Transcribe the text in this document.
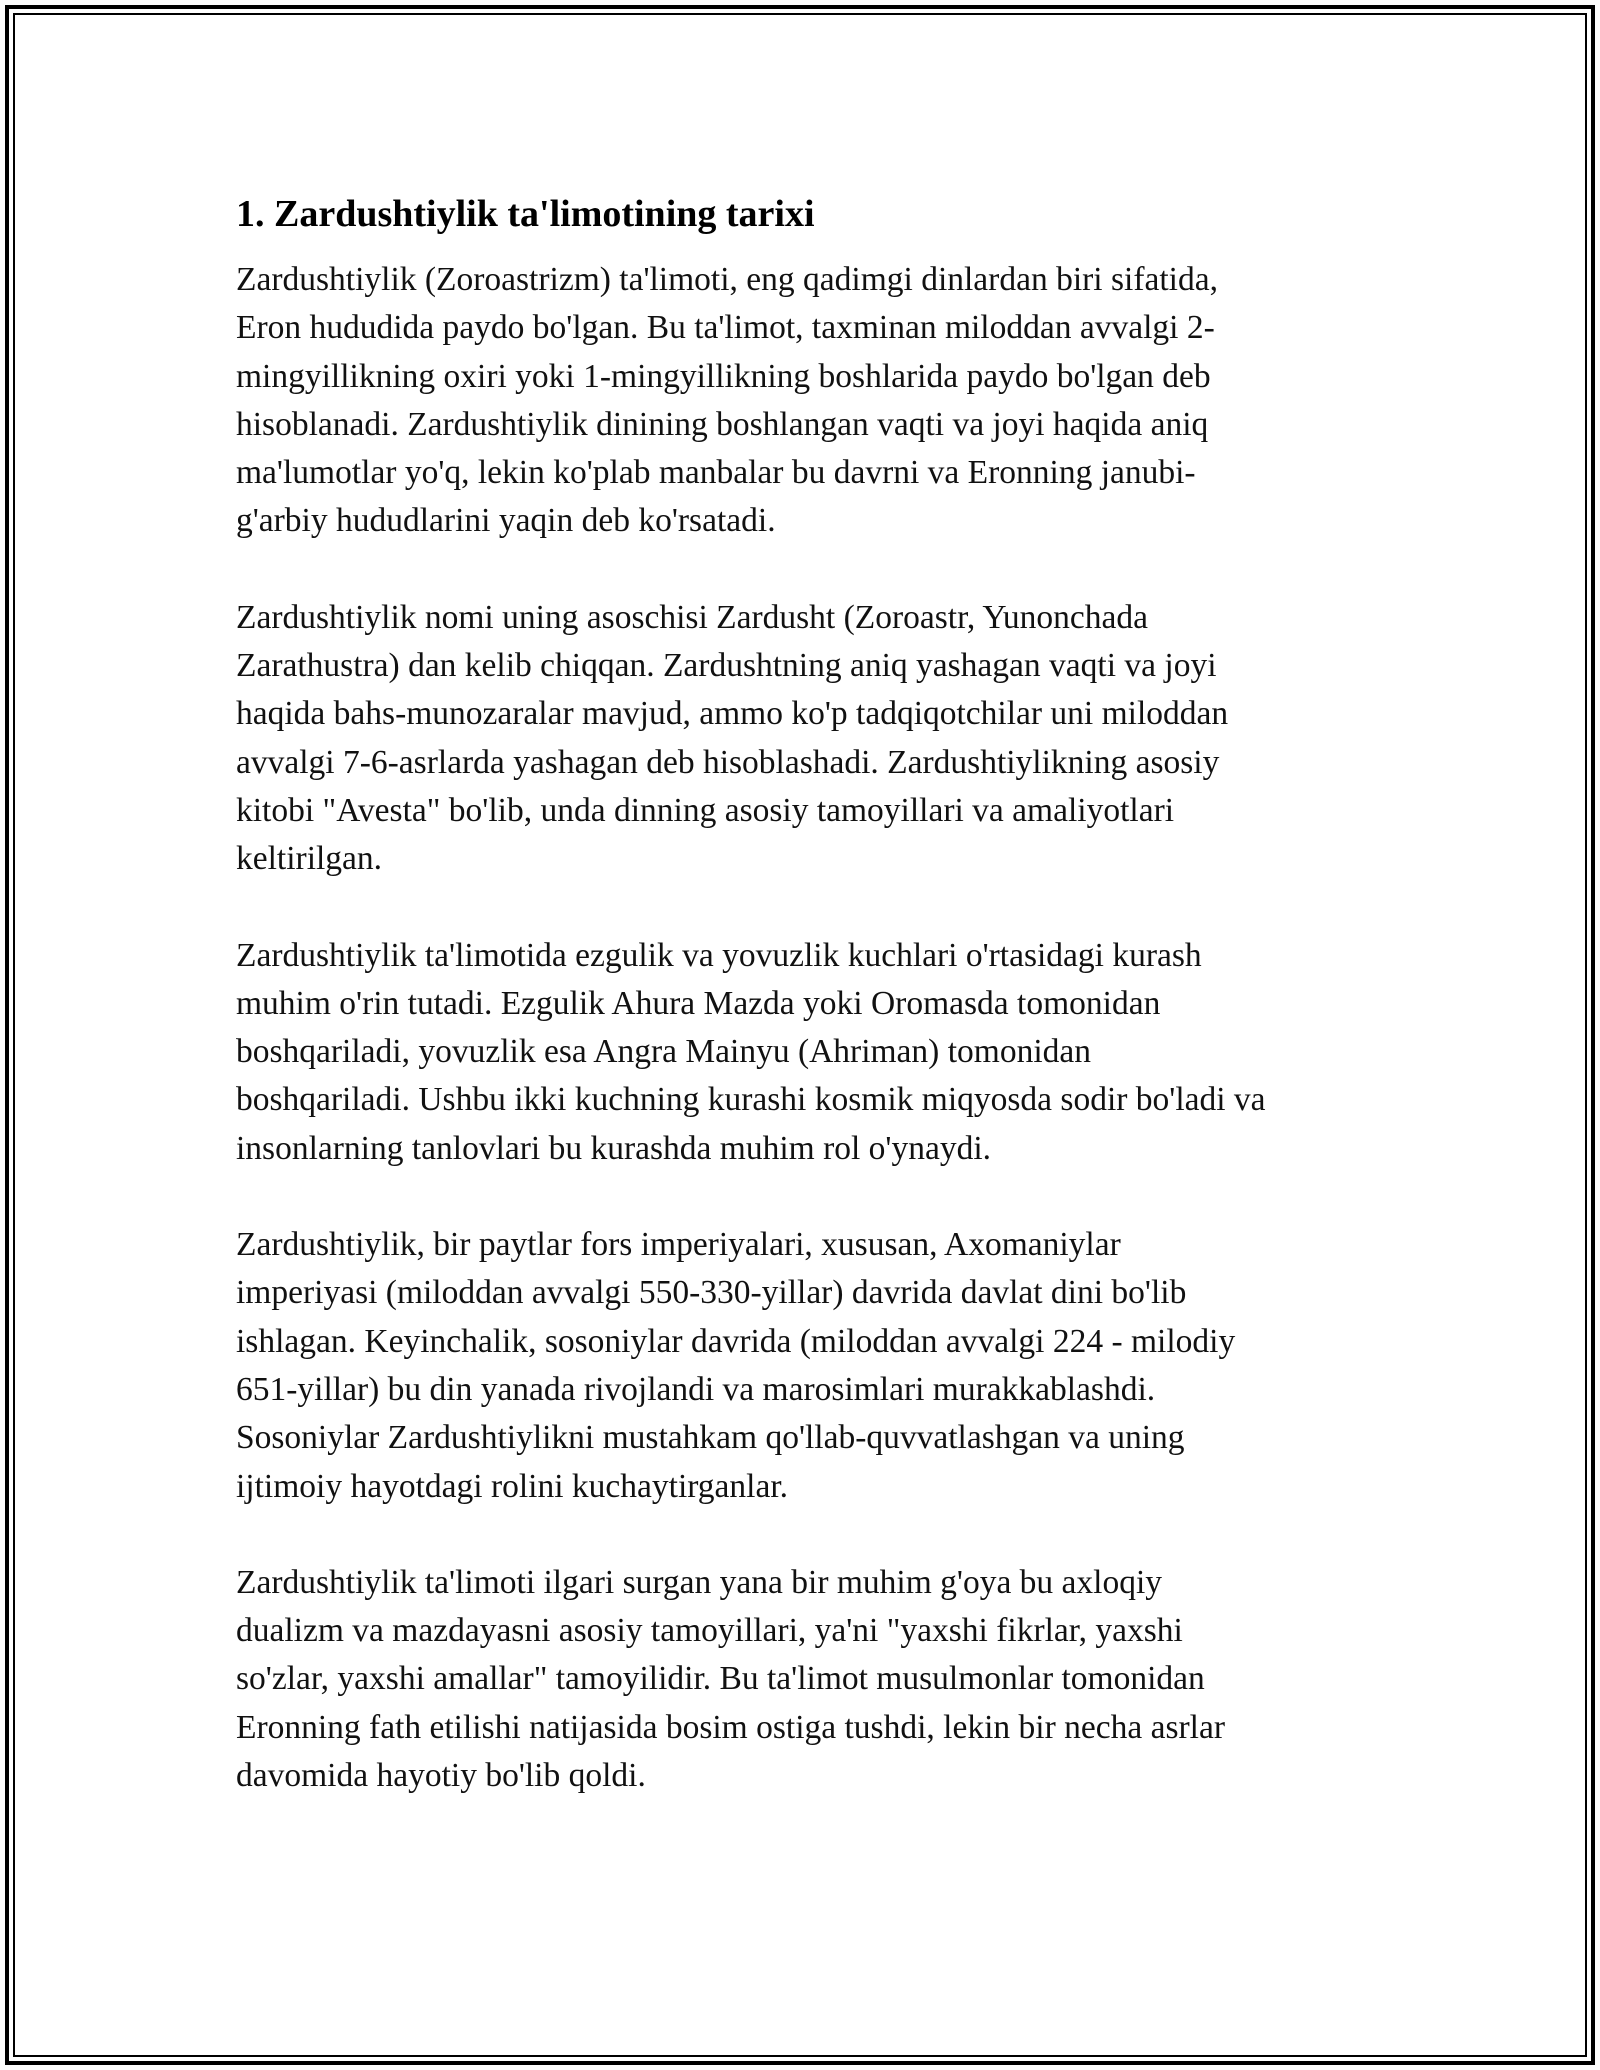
1. Zardushtiylik ta'limotining tarixi

Zardushtiylik (Zoroastrizm) ta'limoti, eng qadimgi dinlardan biri sifatida,
Eron hududida paydo bo'lgan. Bu ta'limot, taxminan miloddan avvalgi 2-
mingyillikning oxiri yoki 1-mingyillikning boshlarida paydo bo'lgan deb
hisoblanadi. Zardushtiylik dinining boshlangan vaqti va joyi haqida aniq
ma'lumotlar yo'q, lekin ko'plab manbalar bu davrni va Eronning janubi-
g'arbiy hududlarini yaqin deb ko'rsatadi.

Zardushtiylik nomi uning asoschisi Zardusht (Zoroastr, Yunonchada
Zarathustra) dan kelib chiqqan. Zardushtning aniq yashagan vaqti va joyi
haqida bahs-munozaralar mavjud, ammo ko'p tadqiqotchilar uni miloddan
avvalgi 7-6-asrlarda yashagan deb hisoblashadi. Zardushtiylikning asosiy
kitobi "Avesta" bo'lib, unda dinning asosiy tamoyillari va amaliyotlari
keltirilgan.

Zardushtiylik ta'limotida ezgulik va yovuzlik kuchlari o'rtasidagi kurash
muhim o'rin tutadi. Ezgulik Ahura Mazda yoki Oromasda tomonidan
boshqariladi, yovuzlik esa Angra Mainyu (Ahriman) tomonidan
boshqariladi. Ushbu ikki kuchning kurashi kosmik miqyosda sodir bo'ladi va
insonlarning tanlovlari bu kurashda muhim rol o'ynaydi.

Zardushtiylik, bir paytlar fors imperiyalari, xususan, Axomaniylar
imperiyasi (miloddan avvalgi 550-330-yillar) davrida davlat dini bo'lib
ishlagan. Keyinchalik, sosoniylar davrida (miloddan avvalgi 224 - milodiy
651-yillar) bu din yanada rivojlandi va marosimlari murakkablashdi.
Sosoniylar Zardushtiylikni mustahkam qo'llab-quvvatlashgan va uning
ijtimoiy hayotdagi rolini kuchaytirganlar.

Zardushtiylik ta'limoti ilgari surgan yana bir muhim g'oya bu axloqiy
dualizm va mazdayasni asosiy tamoyillari, ya'ni "yaxshi fikrlar, yaxshi
so'zlar, yaxshi amallar" tamoyilidir. Bu ta'limot musulmonlar tomonidan
Eronning fath etilishi natijasida bosim ostiga tushdi, lekin bir necha asrlar
davomida hayotiy bo'lib qoldi.
